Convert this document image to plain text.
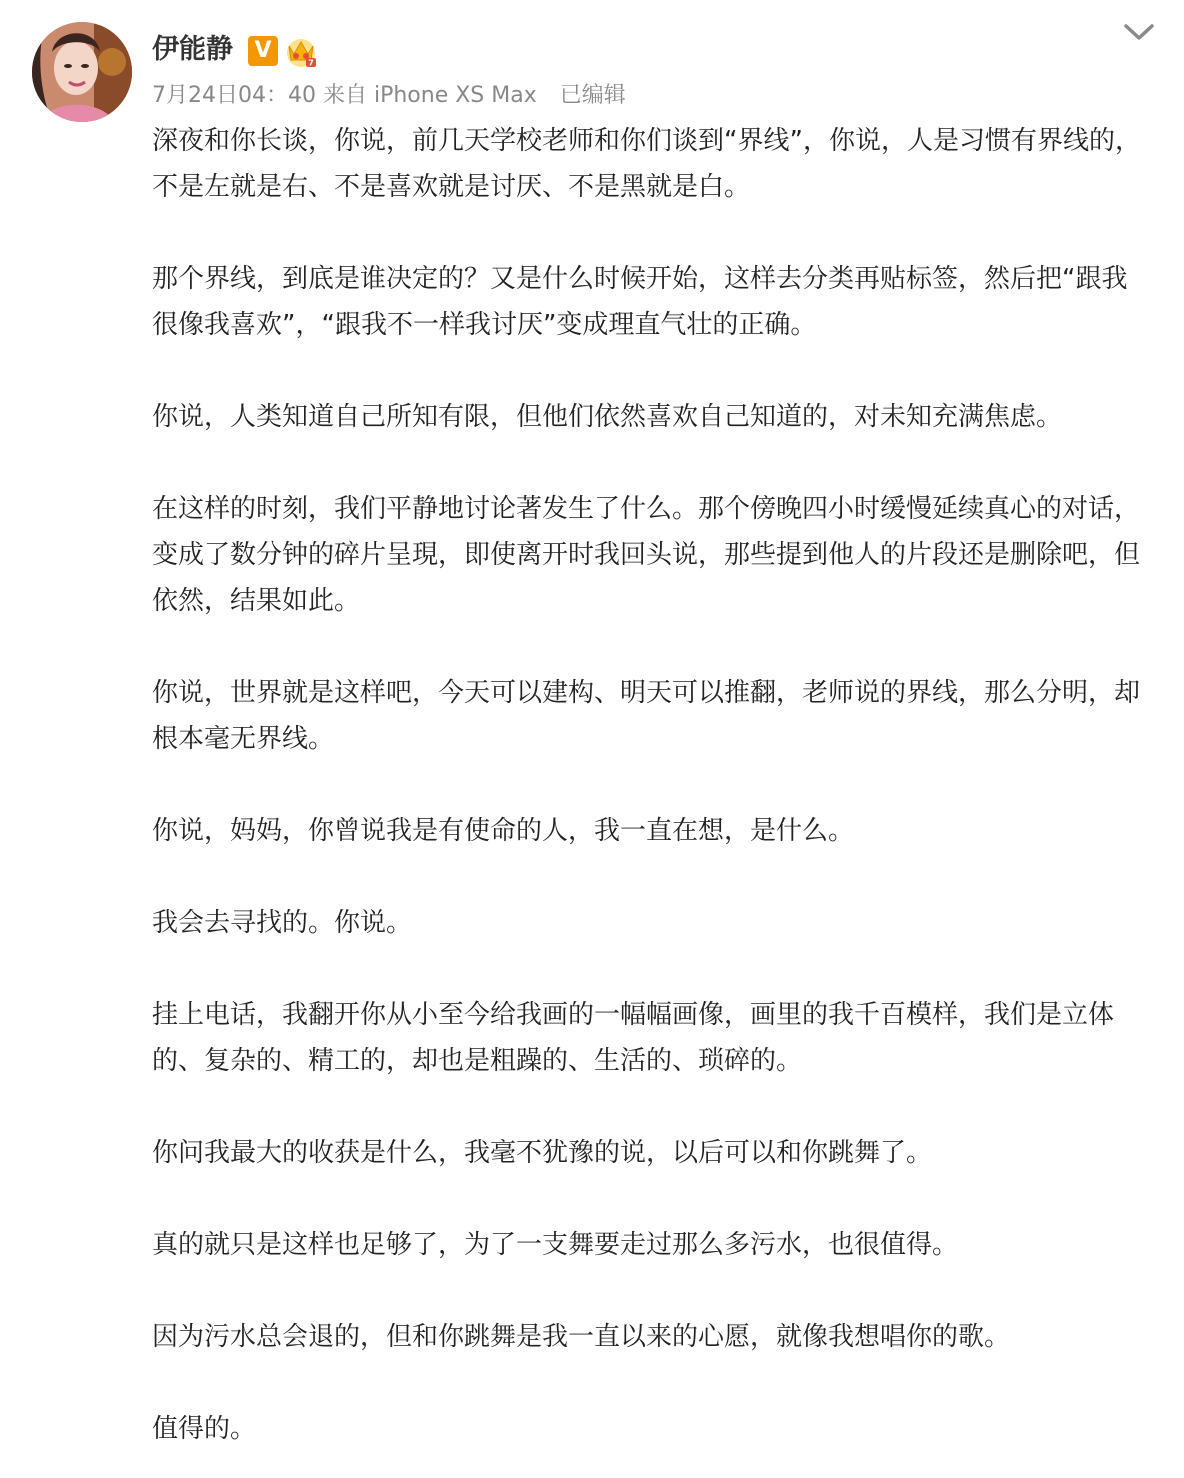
伊能静 V	7
7月24日04：40 来自 iPhone XS Max 已编辑

深夜和你长谈，你说，前几天学校老师和你们谈到“界线”，你说，人是习惯有界线的，不是左就是右、不是喜欢就是讨厌、不是黑就是白。

那个界线，到底是谁决定的？又是什么时候开始，这样去分类再贴标签，然后把“跟我很像我喜欢”，“跟我不一样我讨厌”变成理直气壮的正确。

你说，人类知道自己所知有限，但他们依然喜欢自己知道的，对未知充满焦虑。

在这样的时刻，我们平静地讨论著发生了什么。那个傍晚四小时缓慢延续真心的对话，变成了数分钟的碎片呈現，即使离开时我回头说，那些提到他人的片段还是删除吧，但依然，结果如此。

你说，世界就是这样吧，今天可以建构、明天可以推翻，老师说的界线，那么分明，却根本毫无界线。

你说，妈妈，你曾说我是有使命的人，我一直在想，是什么。

我会去寻找的。你说。

挂上电话，我翻开你从小至今给我画的一幅幅画像，画里的我千百模样，我们是立体的、复杂的、精工的，却也是粗躁的、生活的、琐碎的。

你问我最大的收获是什么，我毫不犹豫的说，以后可以和你跳舞了。

真的就只是这样也足够了，为了一支舞要走过那么多污水，也很值得。

因为污水总会退的，但和你跳舞是我一直以来的心愿，就像我想唱你的歌。

值得的。
